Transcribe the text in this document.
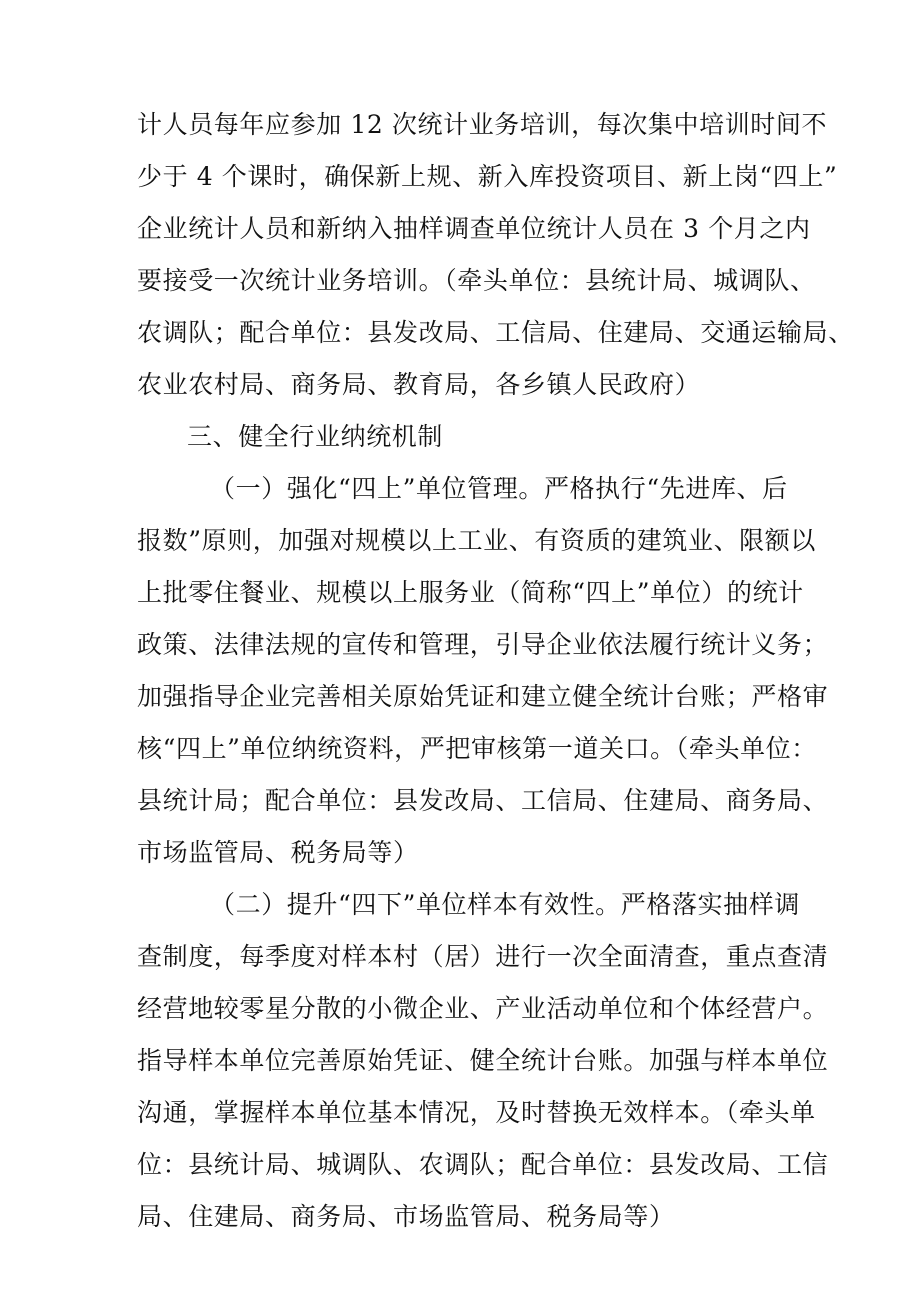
计人员每年应参加 12 次统计业务培训，每次集中培训时间不
少于 4 个课时，确保新上规、新入库投资项目、新上岗“四上”
企业统计人员和新纳入抽样调查单位统计人员在 3 个月之内
要接受一次统计业务培训。（牵头单位：县统计局、城调队、
农调队；配合单位：县发改局、工信局、住建局、交通运输局、
农业农村局、商务局、教育局，各乡镇人民政府）
三、健全行业纳统机制
（一）强化“四上”单位管理。严格执行“先进库、后
报数”原则，加强对规模以上工业、有资质的建筑业、限额以
上批零住餐业、规模以上服务业（简称“四上”单位）的统计
政策、法律法规的宣传和管理，引导企业依法履行统计义务；
加强指导企业完善相关原始凭证和建立健全统计台账；严格审
核“四上”单位纳统资料，严把审核第一道关口。（牵头单位：
县统计局；配合单位：县发改局、工信局、住建局、商务局、
市场监管局、税务局等）
（二）提升“四下”单位样本有效性。严格落实抽样调
查制度，每季度对样本村（居）进行一次全面清查，重点查清
经营地较零星分散的小微企业、产业活动单位和个体经营户。
指导样本单位完善原始凭证、健全统计台账。加强与样本单位
沟通，掌握样本单位基本情况，及时替换无效样本。（牵头单
位：县统计局、城调队、农调队；配合单位：县发改局、工信
局、住建局、商务局、市场监管局、税务局等）
